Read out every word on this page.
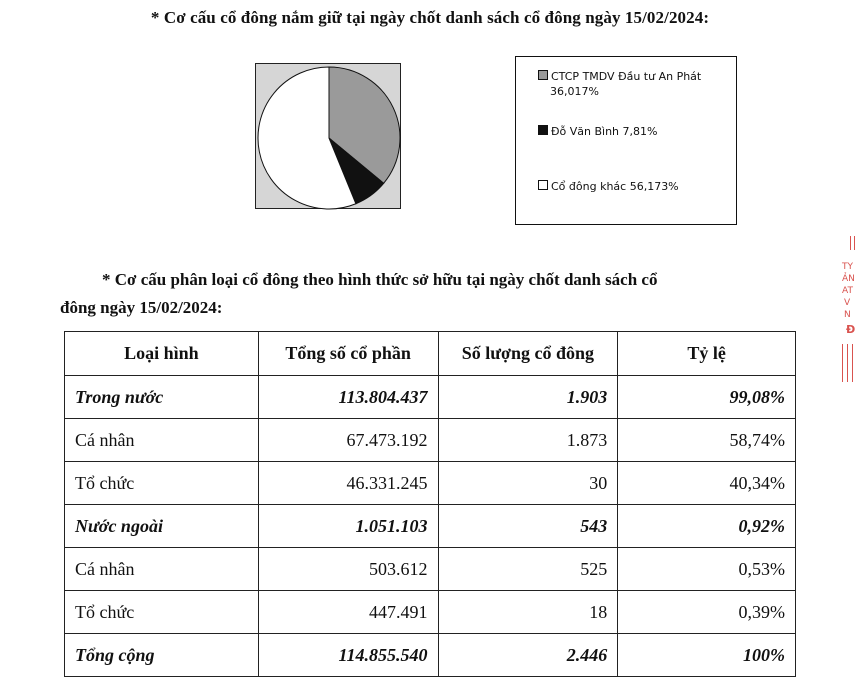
* Cơ cấu cổ đông nắm giữ tại ngày chốt danh sách cổ đông ngày 15/02/2024:
CTCP TMDV Đầu tư An Phát
36,017%
Đỗ Văn Bình 7,81%
Cổ đông khác 56,173%
* Cơ cấu phân loại cổ đông theo hình thức sở hữu tại ngày chốt danh sách cổ
đông ngày 15/02/2024:
Loại hình	Tổng số cổ phần	Số lượng cổ đông	Tỷ lệ
Trong nước	113.804.437	1.903	99,08%
Cá nhân	67.473.192	1.873	58,74%
Tổ chức	46.331.245	30	40,34%
Nước ngoài	1.051.103	543	0,92%
Cá nhân	503.612	525	0,53%
Tổ chức	447.491	18	0,39%
Tổng cộng	114.855.540	2.446	100%
TY
ẢN
AT
V
N
Đ
